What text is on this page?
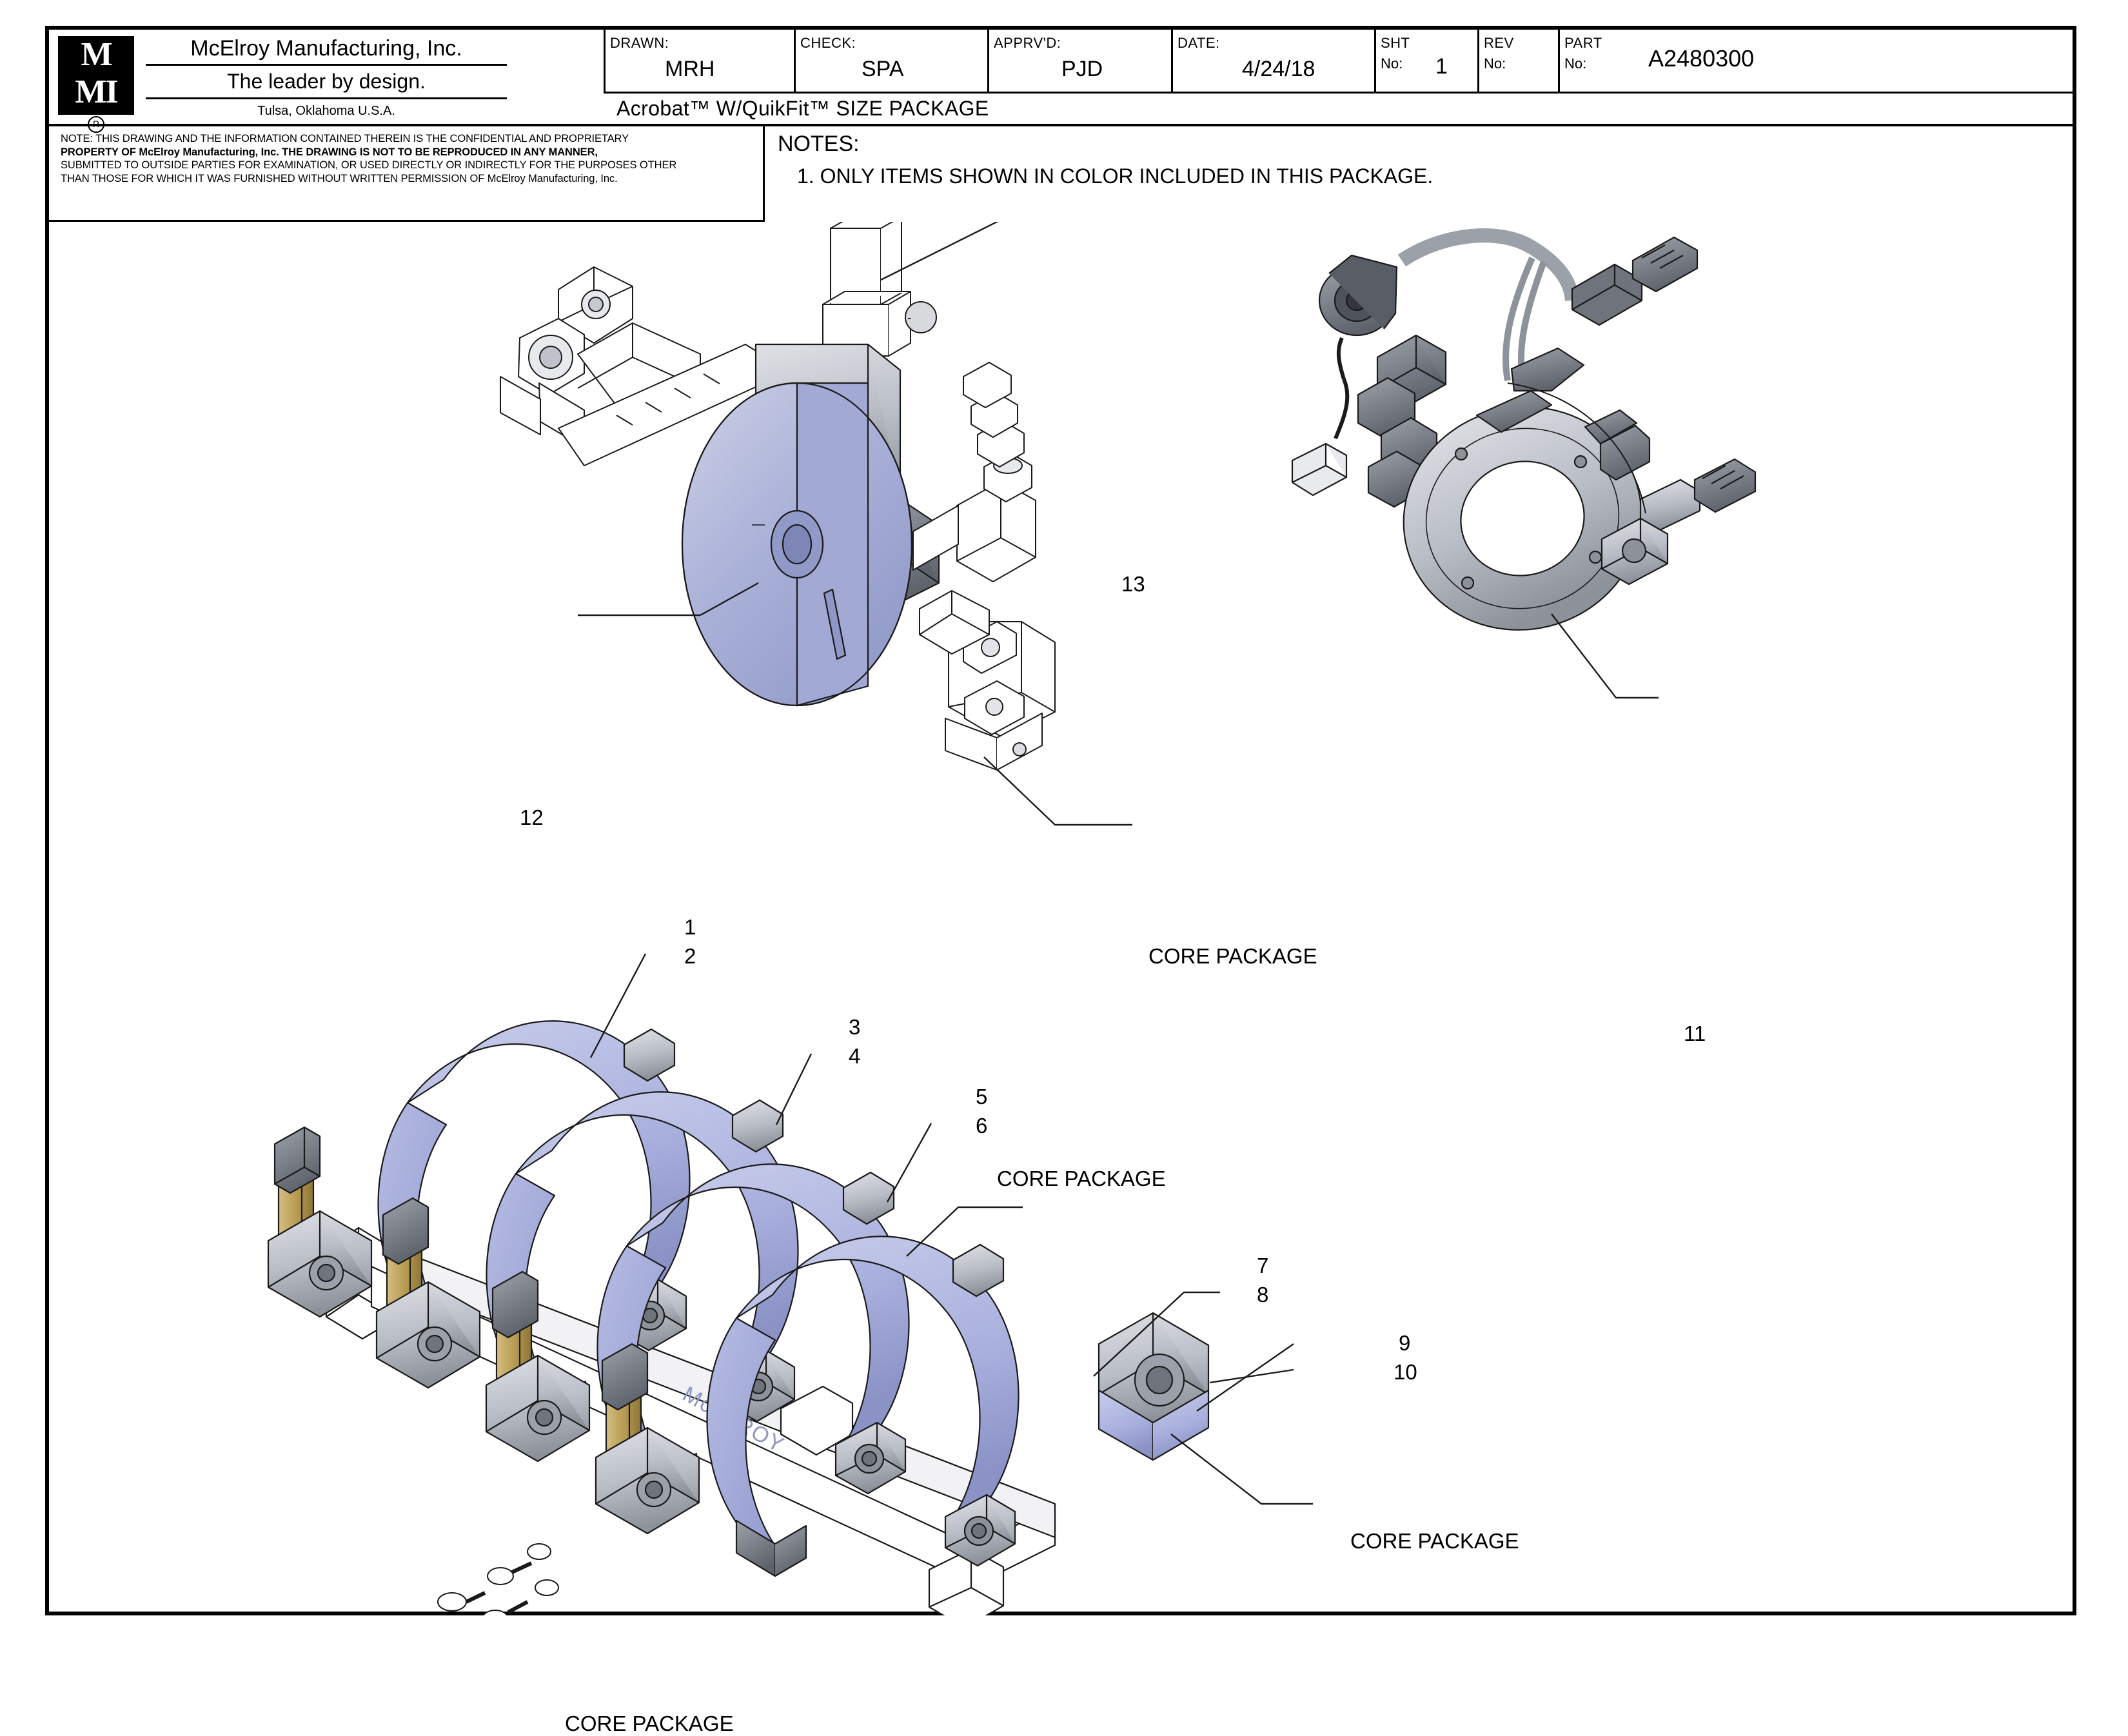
M
MI
R
McElroy Manufacturing, Inc.
The leader by design.
Tulsa, Oklahoma U.S.A.
DRAWN:
MRH
CHECK:
SPA
APPRV'D:
PJD
DATE:
4/24/18
SHT
No: 1
REV
No:
PART
No:	A2480300
Acrobat™ W/QuikFit™ SIZE PACKAGE

NOTE: THIS DRAWING AND THE INFORMATION CONTAINED THEREIN IS THE CONFIDENTIAL AND PROPRIETARY

PROPERTY OF McElroy Manufacturing, Inc. THE DRAWING IS NOT TO BE REPRODUCED IN ANY MANNER,

SUBMITTED TO OUTSIDE PARTIES FOR EXAMINATION, OR USED DIRECTLY OR INDIRECTLY FOR THE PURPOSES OTHER

THAN THOSE FOR WHICH IT WAS FURNISHED WITHOUT WRITTEN PERMISSION OF McElroy Manufacturing, Inc.

NOTES:
1. ONLY ITEMS SHOWN IN COLOR INCLUDED IN THIS PACKAGE.
13
12
CORE PACKAGE
11
1
2
3
4
5
6
CORE PACKAGE
7
8
9
10
CORE PACKAGE
CORE PACKAGE
